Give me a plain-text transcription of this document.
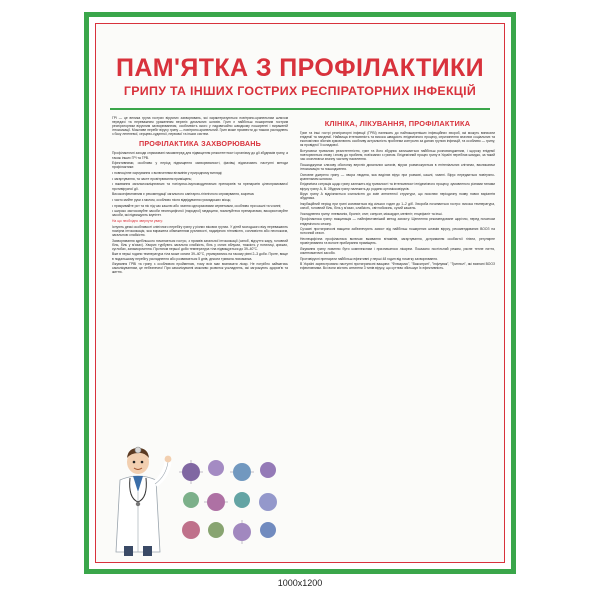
ПАМ'ЯТКА З ПРОФІЛАКТИКИ
ГРИПУ ТА ІНШИХ ГОСТРИХ РЕСПІРАТОРНИХ ІНФЕКЦІЙ

ГРІ — це велика група гострих вірусних захворювань, які характеризуються повітряно-крапельним шляхом передачі та переважним ураженням верхніх дихальних шляхів. Грип є найбільш поширеним гострим респіраторним вірусним захворюванням, особливість якого у надзвичайно швидкому поширенні і вираженій інтоксикації. Можливе перебіг вірусу грипу — повітряно-крапельний. Грип може призвести до тяжких ускладнень з боку легеневої, серцево-судинної, нервової та інших систем.

ПРОФІЛАКТИКА ЗАХВОРЮВАНЬ

Профілактичні заходи спрямовані насамперед для підвищення резистентності організму до дії збудників грипу, а також інших ГРІ та ГРВ.

Ефективними, особливо у період підвищення захворюваності, фахівці відзначають наступні методи профілактики:

• повноцінне харчування з включенням вітамінів у природному вигляді;

• загартування, та часте провітрювання приміщень;

• вживання загальнозміцнюючих та тонізуючо-імуномодулюючих препаратів та препаратів цілеспрямованої противірусної дії.

Високоефективним є рекомендації загального санітарно-гігієнічного спрямування, зокрема:

• часто мийте руки з милом, особливо після відвідування громадських місць;

• прикривайте рот та ніс під час кашлю або чхання одноразовими серветками, особливо при кашлі та чханні;

• широко застосовуйте засоби неспецифічної (народної) медицини, помилуйтеся препаратами, використовуйте засоби, які підвищують імунітет.

На що необхідно звернути увагу:

Існують деякі особливості клінічного перебігу грипу у різних вікових групах. У дітей молодшого віку переважають помірна інтоксикація, яка виражена обмеженням рухливості, надмірною пітливістю, сонливістю або неспокоєм, загальною слабкістю.

Захворювання здебільшого починається гостро, з проявів загальної інтоксикації (озноб, відчуття жару, головний біль, біль у м'язах). Хворих турбують загальна слабкість, біль у очних яблуках, тяжкість у потилиці, крижах, суглобах, запаморочення. Протягом першої доби температура тіла підвищується до 39–40°С.

Вже в перші години температура тіла може сягати 39–40°С, утримуватись на такому рівні 2–3 доби. Проте, вище в подальшому перебігу ускладнення або розвивається 5 днів, деколи тривала лихоманка.

Лікування ГРВІ та грипу з особливою пройменою, тому всіх має визначати лікар. Не потрібно займатись самолікуванням, це небезпечно! При самолікуванні можливо розвиток ускладнень, які загрожують здоров'ю та життю.

КЛІНІКА, ЛІКУВАННЯ, ПРОФІЛАКТИКА

Грип та інші гострі респіраторні інфекції (ГРВІ) належать до найпоширеніших інфекційних хвороб, які можуть виникати епідемії та пандемії. Найвища інтенсивність та висока швидкість епідемічного процесу, спричинення значних соціальних та економічних збитків зумовлюють особливу актуальність проблеми контролю за даною групою інфекцій, та особливо — грипу, як провідної її складової.

Вступаючи тривалою резистентністю, грип та його збудник залишається найбільш розповсюдженим, і щороку епідемії повторюються знову і знову до проблем, пов'язаних з грипом. Епідемічний процес грипу в Україні перебігає швидко, за такий час охоплюючи значну частину населення.

Пошкоджуючи слизову оболонку верхніх дихальних шляхів, віруси розмножуються в епітеліальних клітинах, викликаючи інтоксикацію та пошкодження.

Основне джерело грипу — хвора людина, яка виділяє вірус при розмові, кашлі, чханні. Вірус передається повітряно-крапельним шляхом.

Епідемічна ситуація щодо грипу залежить від тривалості та інтенсивності епідемічного процесу, зумовленого різними типами вірусу грипу А, В. Збудник грипу належить до родини ортоміксовірусів.

Вірус грипу А відрізняється схильністю до змін антигенної структури, що пояснює періодичну появу нових варіантів збудника.

Інкубаційний період при грипі коливається від кількох годин до 1–2 діб. Хвороба починається гостро: висока температура, озноб, головний біль, біль у м'язах, слабкість, світлобоязнь, сухий кашель.

Ускладнення грипу: пневмонія, бронхіт, отит, синусит, міокардит, менінгіт, енцефаліт та інші.

Профілактика грипу: вакцинація — найефективніший метод захисту. Щеплення рекомендоване щорічно, перед початком епідемічного сезону.

Сучасні протигрипозні вакцини забезпечують захист від найбільш поширених штамів вірусу, рекомендованих ВООЗ на поточний сезон.

Неспецифічна профілактика включає вживання вітамінів, загартування, дотримання особистої гігієни, регулярне провітрювання та вологе прибирання приміщень.

Лікування грипу повинно бути комплексним і призначатися лікарем. Показано постільний режим, рясне тепле пиття, симптоматичні засоби.

Противірусні препарати найбільш ефективні у перші 48 годин від початку захворювання.

В Україні зареєстровано наступні протигрипозні вакцини: "Флюарикс", "Ваксигрип", "Інфлувак", "Гриппол", які визнані ВООЗ ефективними. Всі вони містять антигени 3 типів вірусу, що суттєво збільшує їх ефективність.

1000x1200
